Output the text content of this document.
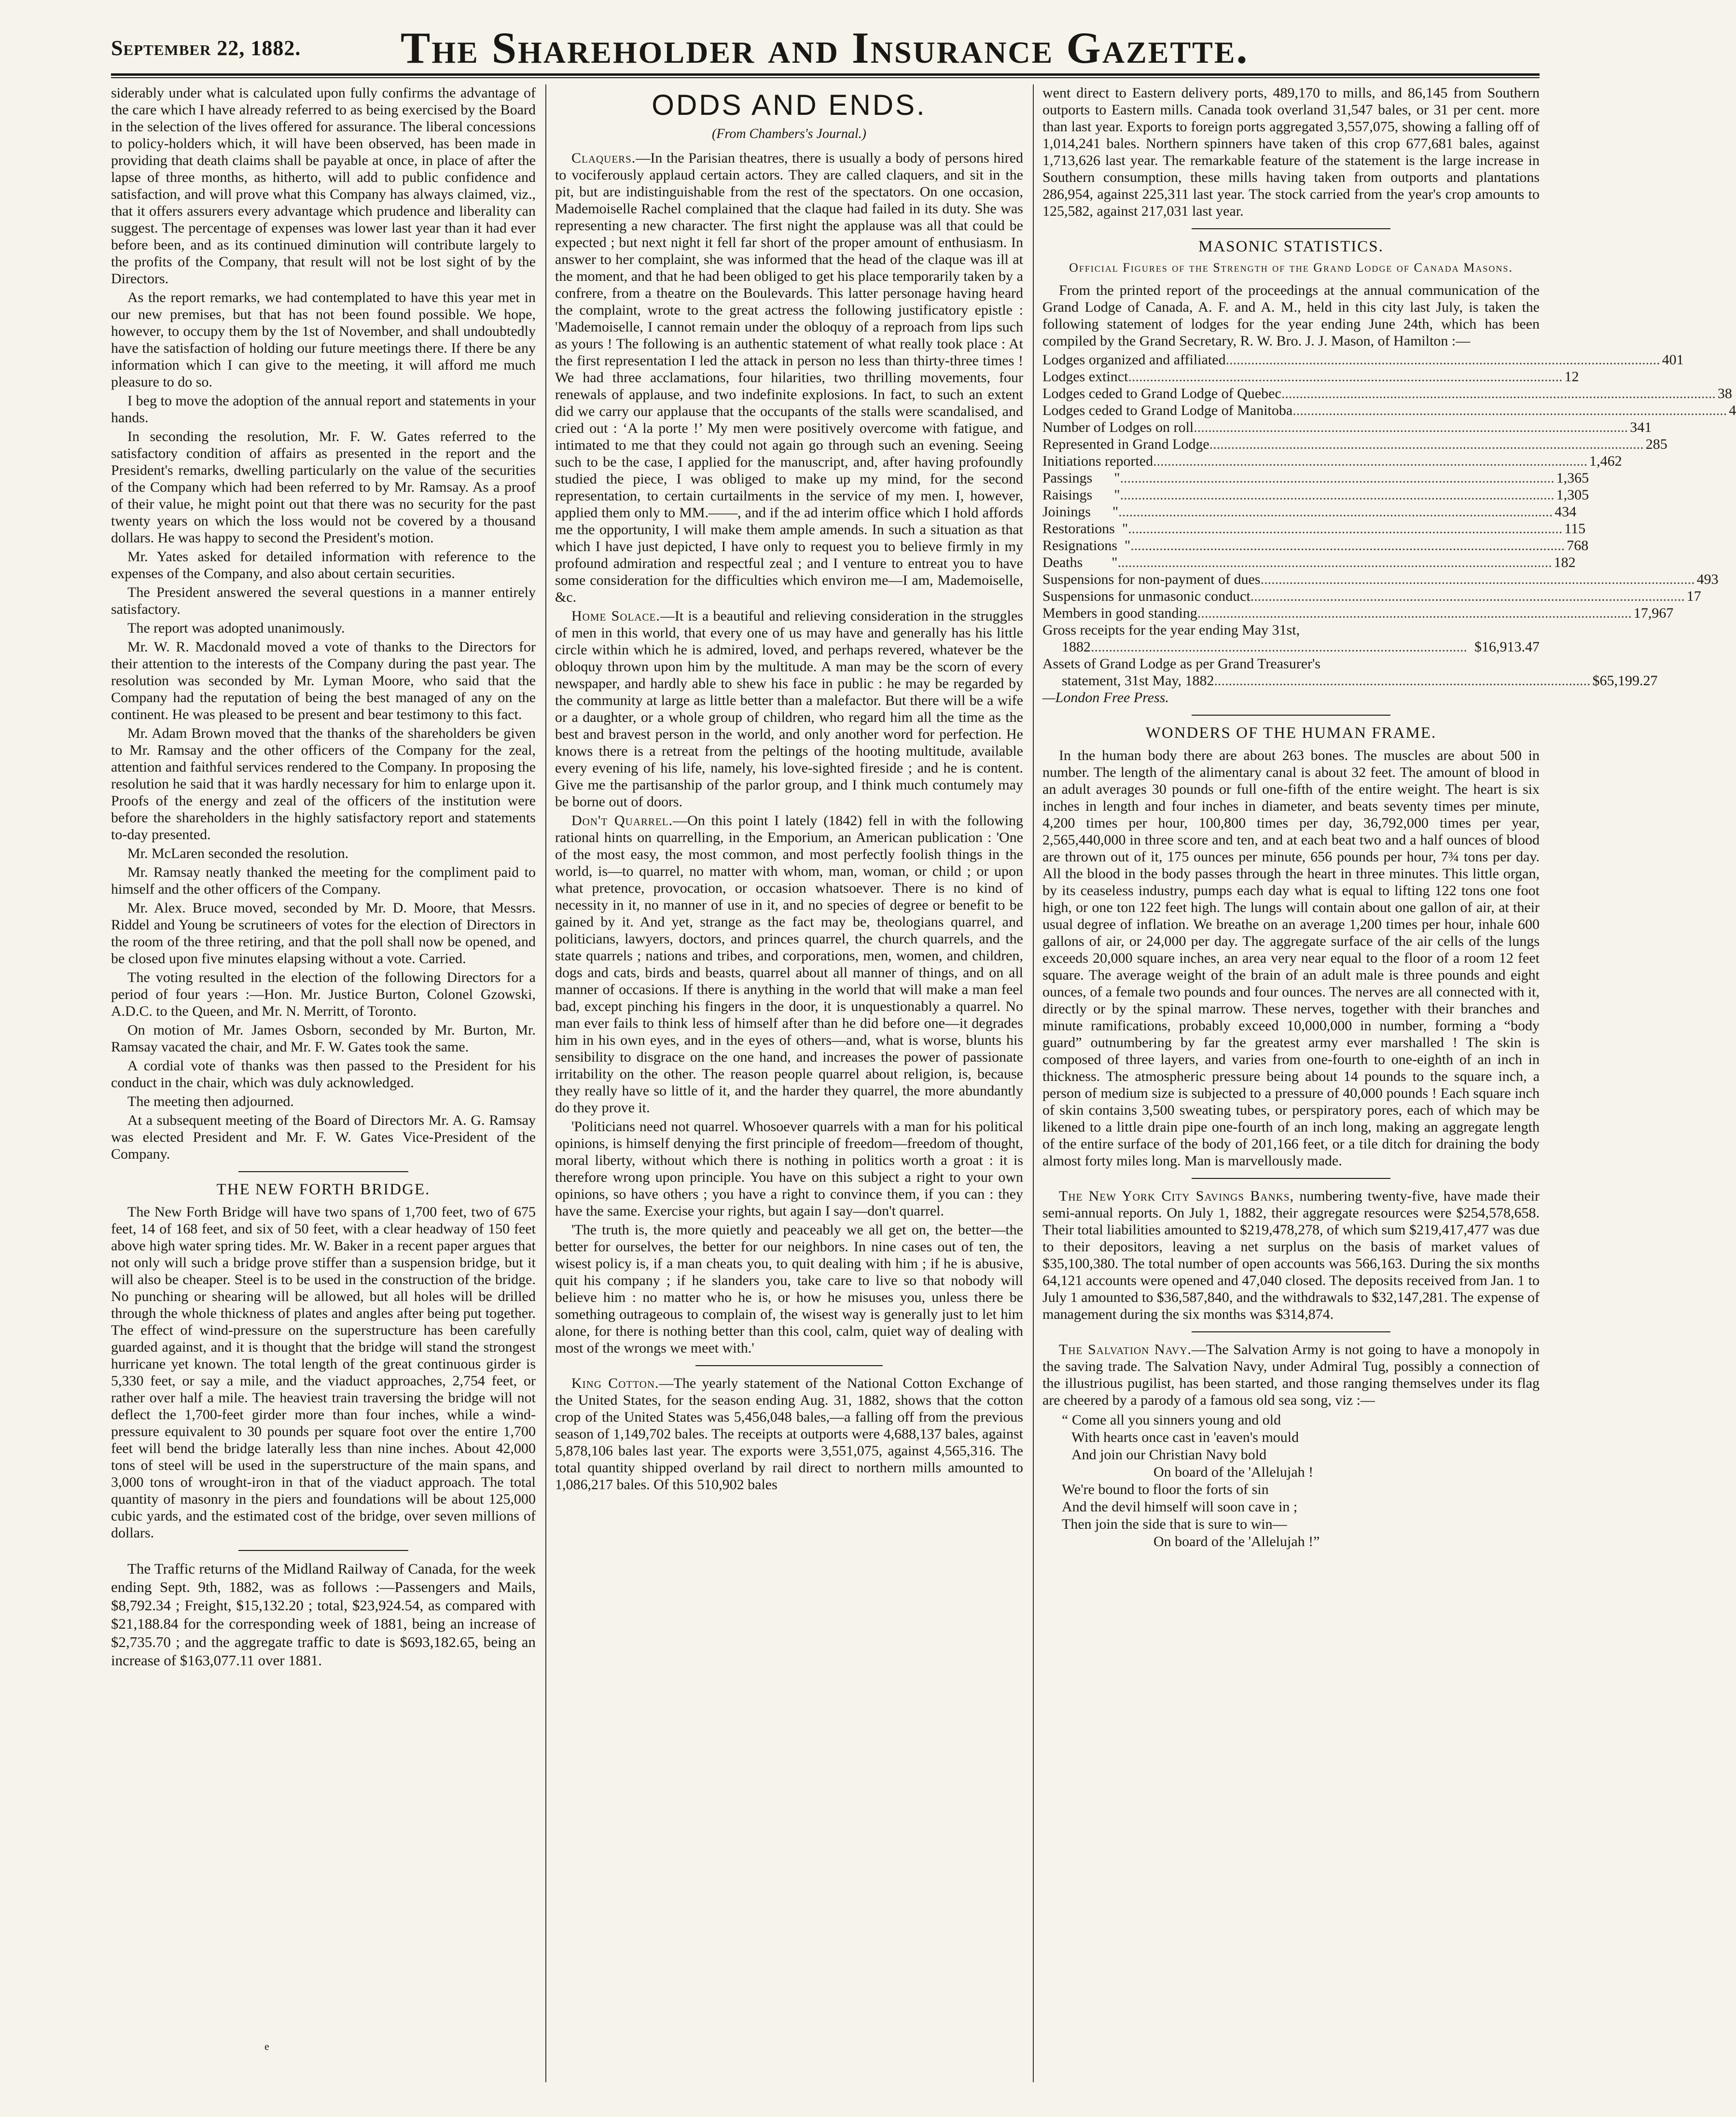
September 22, 1882. The Shareholder and Insurance Gazette.

siderably under what is calculated upon fully confirms the advantage of the care which I have already referred to as being exercised by the Board in the selection of the lives offered for assurance. The liberal concessions to policy-holders which, it will have been observed, has been made in providing that death claims shall be payable at once, in place of after the lapse of three months, as hitherto, will add to public confidence and satisfaction, and will prove what this Company has always claimed, viz., that it offers assurers every advantage which prudence and liberality can suggest. The percentage of expenses was lower last year than it had ever before been, and as its continued diminution will contribute largely to the profits of the Company, that result will not be lost sight of by the Directors.

As the report remarks, we had contemplated to have this year met in our new premises, but that has not been found possible. We hope, however, to occupy them by the 1st of November, and shall undoubtedly have the satisfaction of holding our future meetings there. If there be any information which I can give to the meeting, it will afford me much pleasure to do so.

I beg to move the adoption of the annual report and statements in your hands.

In seconding the resolution, Mr. F. W. Gates referred to the satisfactory condition of affairs as presented in the report and the President's remarks, dwelling particularly on the value of the securities of the Company which had been referred to by Mr. Ramsay. As a proof of their value, he might point out that there was no security for the past twenty years on which the loss would not be covered by a thousand dollars. He was happy to second the President's motion.

Mr. Yates asked for detailed information with reference to the expenses of the Company, and also about certain securities.

The President answered the several questions in a manner entirely satisfactory.

The report was adopted unanimously.

Mr. W. R. Macdonald moved a vote of thanks to the Directors for their attention to the interests of the Company during the past year. The resolution was seconded by Mr. Lyman Moore, who said that the Company had the reputation of being the best managed of any on the continent. He was pleased to be present and bear testimony to this fact.

Mr. Adam Brown moved that the thanks of the shareholders be given to Mr. Ramsay and the other officers of the Company for the zeal, attention and faithful services rendered to the Company. In proposing the resolution he said that it was hardly necessary for him to enlarge upon it. Proofs of the energy and zeal of the officers of the institution were before the shareholders in the highly satisfactory report and statements to-day presented.

Mr. McLaren seconded the resolution.

Mr. Ramsay neatly thanked the meeting for the compliment paid to himself and the other officers of the Company.

Mr. Alex. Bruce moved, seconded by Mr. D. Moore, that Messrs. Riddel and Young be scrutineers of votes for the election of Directors in the room of the three retiring, and that the poll shall now be opened, and be closed upon five minutes elapsing without a vote. Carried.

The voting resulted in the election of the following Directors for a period of four years :—Hon. Mr. Justice Burton, Colonel Gzowski, A.D.C. to the Queen, and Mr. N. Merritt, of Toronto.

On motion of Mr. James Osborn, seconded by Mr. Burton, Mr. Ramsay vacated the chair, and Mr. F. W. Gates took the same.

A cordial vote of thanks was then passed to the President for his conduct in the chair, which was duly acknowledged.

The meeting then adjourned.

At a subsequent meeting of the Board of Directors Mr. A. G. Ramsay was elected President and Mr. F. W. Gates Vice-President of the Company.

THE NEW FORTH BRIDGE.

The New Forth Bridge will have two spans of 1,700 feet, two of 675 feet, 14 of 168 feet, and six of 50 feet, with a clear headway of 150 feet above high water spring tides. Mr. W. Baker in a recent paper argues that not only will such a bridge prove stiffer than a suspension bridge, but it will also be cheaper. Steel is to be used in the construction of the bridge. No punching or shearing will be allowed, but all holes will be drilled through the whole thickness of plates and angles after being put together. The effect of wind-pressure on the superstructure has been carefully guarded against, and it is thought that the bridge will stand the strongest hurricane yet known. The total length of the great continuous girder is 5,330 feet, or say a mile, and the viaduct approaches, 2,754 feet, or rather over half a mile. The heaviest train traversing the bridge will not deflect the 1,700-feet girder more than four inches, while a wind-pressure equivalent to 30 pounds per square foot over the entire 1,700 feet will bend the bridge laterally less than nine inches. About 42,000 tons of steel will be used in the superstructure of the main spans, and 3,000 tons of wrought-iron in that of the viaduct approach. The total quantity of masonry in the piers and foundations will be about 125,000 cubic yards, and the estimated cost of the bridge, over seven millions of dollars.

The Traffic returns of the Midland Railway of Canada, for the week ending Sept. 9th, 1882, was as follows :—Passengers and Mails, $8,792.34 ; Freight, $15,132.20 ; total, $23,924.54, as compared with $21,188.84 for the corresponding week of 1881, being an increase of $2,735.70 ; and the aggregate traffic to date is $693,182.65, being an increase of $163,077.11 over 1881.

ODDS AND ENDS.
(From Chambers's Journal.)

Claquers.—In the Parisian theatres, there is usually a body of persons hired to vociferously applaud certain actors. They are called claquers, and sit in the pit, but are indistinguishable from the rest of the spectators. On one occasion, Mademoiselle Rachel complained that the claque had failed in its duty. She was representing a new character. The first night the applause was all that could be expected ; but next night it fell far short of the proper amount of enthusiasm. In answer to her complaint, she was informed that the head of the claque was ill at the moment, and that he had been obliged to get his place temporarily taken by a confrere, from a theatre on the Boulevards. This latter personage having heard the complaint, wrote to the great actress the following justificatory epistle : 'Mademoiselle, I cannot remain under the obloquy of a reproach from lips such as yours ! The following is an authentic statement of what really took place : At the first representation I led the attack in person no less than thirty-three times ! We had three acclamations, four hilarities, two thrilling movements, four renewals of applause, and two indefinite explosions. In fact, to such an extent did we carry our applause that the occupants of the stalls were scandalised, and cried out : ‘A la porte !’ My men were positively overcome with fatigue, and intimated to me that they could not again go through such an evening. Seeing such to be the case, I applied for the manuscript, and, after having profoundly studied the piece, I was obliged to make up my mind, for the second representation, to certain curtailments in the service of my men. I, however, applied them only to MM.——, and if the ad interim office which I hold affords me the opportunity, I will make them ample amends. In such a situation as that which I have just depicted, I have only to request you to believe firmly in my profound admiration and respectful zeal ; and I venture to entreat you to have some consideration for the difficulties which environ me—I am, Mademoiselle, &c.

Home Solace.—It is a beautiful and relieving consideration in the struggles of men in this world, that every one of us may have and generally has his little circle within which he is admired, loved, and perhaps revered, whatever be the obloquy thrown upon him by the multitude. A man may be the scorn of every newspaper, and hardly able to shew his face in public : he may be regarded by the community at large as little better than a malefactor. But there will be a wife or a daughter, or a whole group of children, who regard him all the time as the best and bravest person in the world, and only another word for perfection. He knows there is a retreat from the peltings of the hooting multitude, available every evening of his life, namely, his love-sighted fireside ; and he is content. Give me the partisanship of the parlor group, and I think much contumely may be borne out of doors.

Don't Quarrel.—On this point I lately (1842) fell in with the following rational hints on quarrelling, in the Emporium, an American publication : 'One of the most easy, the most common, and most perfectly foolish things in the world, is—to quarrel, no matter with whom, man, woman, or child ; or upon what pretence, provocation, or occasion whatsoever. There is no kind of necessity in it, no manner of use in it, and no species of degree or benefit to be gained by it. And yet, strange as the fact may be, theologians quarrel, and politicians, lawyers, doctors, and princes quarrel, the church quarrels, and the state quarrels ; nations and tribes, and corporations, men, women, and children, dogs and cats, birds and beasts, quarrel about all manner of things, and on all manner of occasions. If there is anything in the world that will make a man feel bad, except pinching his fingers in the door, it is unquestionably a quarrel. No man ever fails to think less of himself after than he did before one—it degrades him in his own eyes, and in the eyes of others—and, what is worse, blunts his sensibility to disgrace on the one hand, and increases the power of passionate irritability on the other. The reason people quarrel about religion, is, because they really have so little of it, and the harder they quarrel, the more abundantly do they prove it.

'Politicians need not quarrel. Whosoever quarrels with a man for his political opinions, is himself denying the first principle of freedom—freedom of thought, moral liberty, without which there is nothing in politics worth a groat : it is therefore wrong upon principle. You have on this subject a right to your own opinions, so have others ; you have a right to convince them, if you can : they have the same. Exercise your rights, but again I say—don't quarrel.

'The truth is, the more quietly and peaceably we all get on, the better—the better for ourselves, the better for our neighbors. In nine cases out of ten, the wisest policy is, if a man cheats you, to quit dealing with him ; if he is abusive, quit his company ; if he slanders you, take care to live so that nobody will believe him : no matter who he is, or how he misuses you, unless there be something outrageous to complain of, the wisest way is generally just to let him alone, for there is nothing better than this cool, calm, quiet way of dealing with most of the wrongs we meet with.'

King Cotton.—The yearly statement of the National Cotton Exchange of the United States, for the season ending Aug. 31, 1882, shows that the cotton crop of the United States was 5,456,048 bales,—a falling off from the previous season of 1,149,702 bales. The receipts at outports were 4,688,137 bales, against 5,878,106 bales last year. The exports were 3,551,075, against 4,565,316. The total quantity shipped overland by rail direct to northern mills amounted to 1,086,217 bales. Of this 510,902 bales

went direct to Eastern delivery ports, 489,170 to mills, and 86,145 from Southern outports to Eastern mills. Canada took overland 31,547 bales, or 31 per cent. more than last year. Exports to foreign ports aggregated 3,557,075, showing a falling off of 1,014,241 bales. Northern spinners have taken of this crop 677,681 bales, against 1,713,626 last year. The remarkable feature of the statement is the large increase in Southern consumption, these mills having taken from outports and plantations 286,954, against 225,311 last year. The stock carried from the year's crop amounts to 125,582, against 217,031 last year.

MASONIC STATISTICS.
Official Figures of the Strength of the Grand Lodge of Canada Masons.

From the printed report of the proceedings at the annual communication of the Grand Lodge of Canada, A. F. and A. M., held in this city last July, is taken the following statement of lodges for the year ending June 24th, which has been compiled by the Grand Secretary, R. W. Bro. J. J. Mason, of Hamilton :—

Lodges organized and affiliated ........................................................................................................................ 401
Lodges extinct ........................................................................................................................ 12
Lodges ceded to Grand Lodge of Quebec ........................................................................................................................ 38
Lodges ceded to Grand Lodge of Manitoba ........................................................................................................................ 4
Number of Lodges on roll ........................................................................................................................ 341
Represented in Grand Lodge ........................................................................................................................ 285
Initiations reported ........................................................................................................................ 1,462
Passings      " ........................................................................................................................ 1,365
Raisings      " ........................................................................................................................ 1,305
Joinings      " ........................................................................................................................ 434
Restorations  " ........................................................................................................................ 115
Resignations  " ........................................................................................................................ 768
Deaths        " ........................................................................................................................ 182
Suspensions for non-payment of dues ........................................................................................................................ 493
Suspensions for unmasonic conduct ........................................................................................................................ 17
Members in good standing ........................................................................................................................ 17,967
Gross receipts for the year ending May 31st,
1882 ........................................................................................................ $16,913.47
Assets of Grand Lodge as per Grand Treasurer's
statement, 31st May, 1882 ........................................................................................................ $65,199.27
—London Free Press.
WONDERS OF THE HUMAN FRAME.

In the human body there are about 263 bones. The muscles are about 500 in number. The length of the alimentary canal is about 32 feet. The amount of blood in an adult averages 30 pounds or full one-fifth of the entire weight. The heart is six inches in length and four inches in diameter, and beats seventy times per minute, 4,200 times per hour, 100,800 times per day, 36,792,000 times per year, 2,565,440,000 in three score and ten, and at each beat two and a half ounces of blood are thrown out of it, 175 ounces per minute, 656 pounds per hour, 7¾ tons per day. All the blood in the body passes through the heart in three minutes. This little organ, by its ceaseless industry, pumps each day what is equal to lifting 122 tons one foot high, or one ton 122 feet high. The lungs will contain about one gallon of air, at their usual degree of inflation. We breathe on an average 1,200 times per hour, inhale 600 gallons of air, or 24,000 per day. The aggregate surface of the air cells of the lungs exceeds 20,000 square inches, an area very near equal to the floor of a room 12 feet square. The average weight of the brain of an adult male is three pounds and eight ounces, of a female two pounds and four ounces. The nerves are all connected with it, directly or by the spinal marrow. These nerves, together with their branches and minute ramifications, probably exceed 10,000,000 in number, forming a “body guard” outnumbering by far the greatest army ever marshalled ! The skin is composed of three layers, and varies from one-fourth to one-eighth of an inch in thickness. The atmospheric pressure being about 14 pounds to the square inch, a person of medium size is subjected to a pressure of 40,000 pounds ! Each square inch of skin contains 3,500 sweating tubes, or perspiratory pores, each of which may be likened to a little drain pipe one-fourth of an inch long, making an aggregate length of the entire surface of the body of 201,166 feet, or a tile ditch for draining the body almost forty miles long. Man is marvellously made.

The New York City Savings Banks, numbering twenty-five, have made their semi-annual reports. On July 1, 1882, their aggregate resources were $254,578,658. Their total liabilities amounted to $219,478,278, of which sum $219,417,477 was due to their depositors, leaving a net surplus on the basis of market values of $35,100,380. The total number of open accounts was 566,163. During the six months 64,121 accounts were opened and 47,040 closed. The deposits received from Jan. 1 to July 1 amounted to $36,587,840, and the withdrawals to $32,147,281. The expense of management during the six months was $314,874.

The Salvation Navy.—The Salvation Army is not going to have a monopoly in the saving trade. The Salvation Navy, under Admiral Tug, possibly a connection of the illustrious pugilist, has been started, and those ranging themselves under its flag are cheered by a parody of a famous old sea song, viz :—

“ Come all you sinners young and old
With hearts once cast in 'eaven's mould
And join our Christian Navy bold
On board of the 'Allelujah !
We're bound to floor the forts of sin
And the devil himself will soon cave in ;
Then join the side that is sure to win—
On board of the 'Allelujah !”
e
